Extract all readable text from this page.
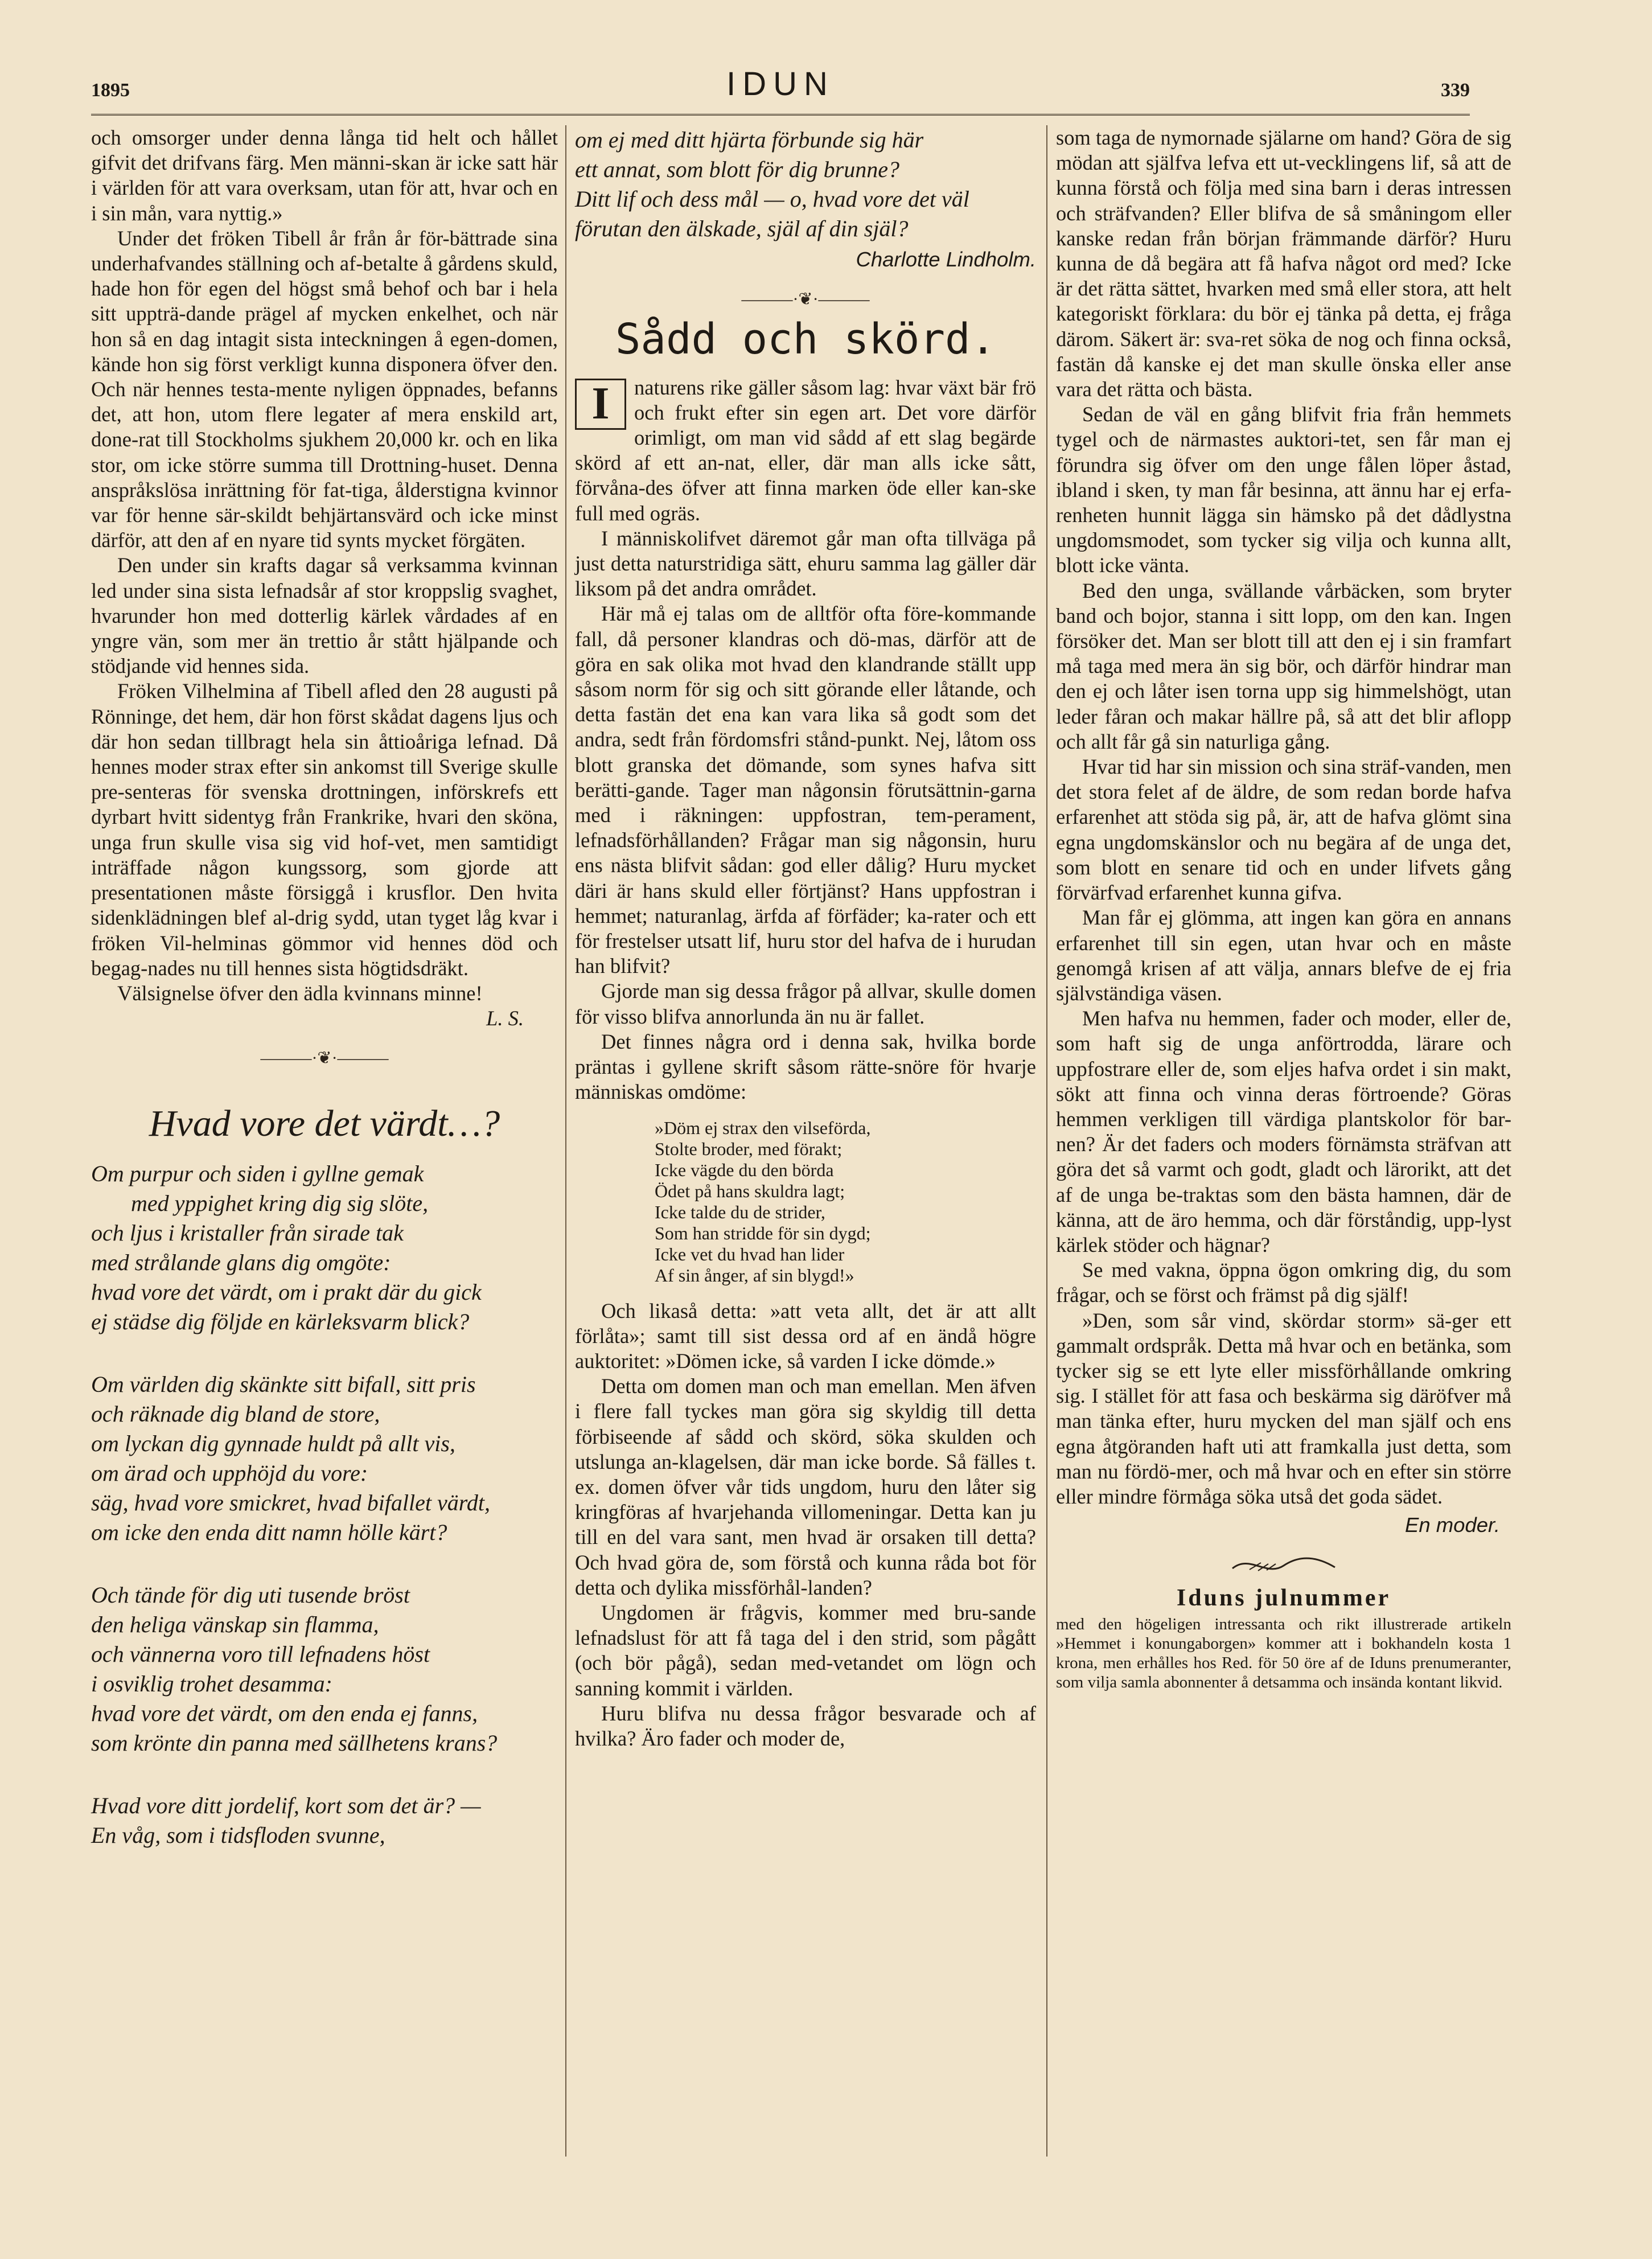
1895	IDUN	339

och omsorger under denna långa tid helt och hållet gifvit det drifvans färg. Men männi-skan är icke satt här i världen för att vara overksam, utan för att, hvar och en i sin mån, vara nyttig.»

Under det fröken Tibell år från år för-bättrade sina underhafvandes ställning och af-betalte å gårdens skuld, hade hon för egen del högst små behof och bar i hela sitt uppträ-dande prägel af mycken enkelhet, och när hon så en dag intagit sista inteckningen å egen-domen, kände hon sig först verkligt kunna disponera öfver den. Och när hennes testa-mente nyligen öppnades, befanns det, att hon, utom flere legater af mera enskild art, done-rat till Stockholms sjukhem 20,000 kr. och en lika stor, om icke större summa till Drottning-huset. Denna anspråkslösa inrättning för fat-tiga, ålderstigna kvinnor var för henne sär-skildt behjärtansvärd och icke minst därför, att den af en nyare tid synts mycket förgäten.

Den under sin krafts dagar så verksamma kvinnan led under sina sista lefnadsår af stor kroppslig svaghet, hvarunder hon med dotterlig kärlek vårdades af en yngre vän, som mer än trettio år stått hjälpande och stödjande vid hennes sida.

Fröken Vilhelmina af Tibell afled den 28 augusti på Rönninge, det hem, där hon först skådat dagens ljus och där hon sedan tillbragt hela sin åttioåriga lefnad. Då hennes moder strax efter sin ankomst till Sverige skulle pre-senteras för svenska drottningen, införskrefs ett dyrbart hvitt sidentyg från Frankrike, hvari den sköna, unga frun skulle visa sig vid hof-vet, men samtidigt inträffade någon kungssorg, som gjorde att presentationen måste försiggå i krusflor. Den hvita sidenklädningen blef al-drig sydd, utan tyget låg kvar i fröken Vil-helminas gömmor vid hennes död och begag-nades nu till hennes sista högtidsdräkt.

Välsignelse öfver den ädla kvinnans minne!

L. S.
———·❦·———
Hvad vore det värdt…?
Om purpur och siden i gyllne gemak
med yppighet kring dig sig slöte,
och ljus i kristaller från sirade tak
med strålande glans dig omgöte:
hvad vore det värdt, om i prakt där du gick
ej städse dig följde en kärleksvarm blick?
Om världen dig skänkte sitt bifall, sitt pris
och räknade dig bland de store,
om lyckan dig gynnade huldt på allt vis,
om ärad och upphöjd du vore:
säg, hvad vore smickret, hvad bifallet värdt,
om icke den enda ditt namn hölle kärt?
Och tände för dig uti tusende bröst
den heliga vänskap sin flamma,
och vännerna voro till lefnadens höst
i osviklig trohet desamma:
hvad vore det värdt, om den enda ej fanns,
som krönte din panna med sällhetens krans?
Hvad vore ditt jordelif, kort som det är? —
En våg, som i tidsfloden svunne,
om ej med ditt hjärta förbunde sig här
ett annat, som blott för dig brunne?
Ditt lif och dess mål — o, hvad vore det väl
förutan den älskade, själ af din själ?
Charlotte Lindholm.
———·❦·———
Sådd och skörd.

I	naturens rike gäller såsom lag: hvar växt bär frö och frukt efter sin egen art. Det vore därför orimligt, om man vid sådd af ett slag begärde skörd af ett an-nat, eller, där man alls icke sått, förvåna-des öfver att finna marken öde eller kan-ske full med ogräs.

I människolifvet däremot går man ofta tillväga på just detta naturstridiga sätt, ehuru samma lag gäller där liksom på det andra området.

Här må ej talas om de alltför ofta före-kommande fall, då personer klandras och dö-mas, därför att de göra en sak olika mot hvad den klandrande ställt upp såsom norm för sig och sitt görande eller låtande, och detta fastän det ena kan vara lika så godt som det andra, sedt från fördomsfri stånd-punkt. Nej, låtom oss blott granska det dömande, som synes hafva sitt berätti-gande. Tager man någonsin förutsättnin-garna med i räkningen: uppfostran, tem-perament, lefnadsförhållanden? Frågar man sig någonsin, huru ens nästa blifvit sådan: god eller dålig? Huru mycket däri är hans skuld eller förtjänst? Hans uppfostran i hemmet; naturanlag, ärfda af förfäder; ka-rater och ett för frestelser utsatt lif, huru stor del hafva de i hurudan han blifvit?

Gjorde man sig dessa frågor på allvar, skulle domen för visso blifva annorlunda än nu är fallet.

Det finnes några ord i denna sak, hvilka borde präntas i gyllene skrift såsom rätte-snöre för hvarje människas omdöme:

»Döm ej strax den vilseförda,
Stolte broder, med förakt;
Icke vägde du den börda
Ödet på hans skuldra lagt;
Icke talde du de strider,
Som han stridde för sin dygd;
Icke vet du hvad han lider
Af sin ånger, af sin blygd!»

Och likaså detta: »att veta allt, det är att allt förlåta»; samt till sist dessa ord af en ändå högre auktoritet: »Dömen icke, så varden I icke dömde.»

Detta om domen man och man emellan. Men äfven i flere fall tyckes man göra sig skyldig till detta förbiseende af sådd och skörd, söka skulden och utslunga an-klagelsen, där man icke borde. Så fälles t. ex. domen öfver vår tids ungdom, huru den låter sig kringföras af hvarjehanda villomeningar. Detta kan ju till en del vara sant, men hvad är orsaken till detta? Och hvad göra de, som förstå och kunna råda bot för detta och dylika missförhål-landen?

Ungdomen är frågvis, kommer med bru-sande lefnadslust för att få taga del i den strid, som pågått (och bör pågå), sedan med-vetandet om lögn och sanning kommit i världen.

Huru blifva nu dessa frågor besvarade och af hvilka? Äro fader och moder de,

som taga de nymornade själarne om hand? Göra de sig mödan att själfva lefva ett ut-vecklingens lif, så att de kunna förstå och följa med sina barn i deras intressen och sträfvanden? Eller blifva de så småningom eller kanske redan från början främmande därför? Huru kunna de då begära att få hafva något ord med? Icke är det rätta sättet, hvarken med små eller stora, att helt kategoriskt förklara: du bör ej tänka på detta, ej fråga därom. Säkert är: sva-ret söka de nog och finna också, fastän då kanske ej det man skulle önska eller anse vara det rätta och bästa.

Sedan de väl en gång blifvit fria från hemmets tygel och de närmastes auktori-tet, sen får man ej förundra sig öfver om den unge fålen löper åstad, ibland i sken, ty man får besinna, att ännu har ej erfa-renheten hunnit lägga sin hämsko på det dådlystna ungdomsmodet, som tycker sig vilja och kunna allt, blott icke vänta.

Bed den unga, svällande vårbäcken, som bryter band och bojor, stanna i sitt lopp, om den kan. Ingen försöker det. Man ser blott till att den ej i sin framfart må taga med mera än sig bör, och därför hindrar man den ej och låter isen torna upp sig himmelshögt, utan leder fåran och makar hällre på, så att det blir aflopp och allt får gå sin naturliga gång.

Hvar tid har sin mission och sina sträf-vanden, men det stora felet af de äldre, de som redan borde hafva erfarenhet att stöda sig på, är, att de hafva glömt sina egna ungdomskänslor och nu begära af de unga det, som blott en senare tid och en under lifvets gång förvärfvad erfarenhet kunna gifva.

Man får ej glömma, att ingen kan göra en annans erfarenhet till sin egen, utan hvar och en måste genomgå krisen af att välja, annars blefve de ej fria självständiga väsen.

Men hafva nu hemmen, fader och moder, eller de, som haft sig de unga anförtrodda, lärare och uppfostrare eller de, som eljes hafva ordet i sin makt, sökt att finna och vinna deras förtroende? Göras hemmen verkligen till värdiga plantskolor för bar-nen? Är det faders och moders förnämsta sträfvan att göra det så varmt och godt, gladt och lärorikt, att det af de unga be-traktas som den bästa hamnen, där de känna, att de äro hemma, och där förståndig, upp-lyst kärlek stöder och hägnar?

Se med vakna, öppna ögon omkring dig, du som frågar, och se först och främst på dig själf!

»Den, som sår vind, skördar storm» sä-ger ett gammalt ordspråk. Detta må hvar och en betänka, som tycker sig se ett lyte eller missförhållande omkring sig. I stället för att fasa och beskärma sig däröfver må man tänka efter, huru mycken del man själf och ens egna åtgöranden haft uti att framkalla just detta, som man nu fördö-mer, och må hvar och en efter sin större eller mindre förmåga söka utså det goda sädet.

En moder.
Iduns julnummer
med den högeligen intressanta och rikt illustrerade artikeln »Hemmet i konungaborgen» kommer att i bokhandeln kosta 1 krona, men erhålles hos Red. för 50 öre af de Iduns prenumeranter, som vilja samla abonnenter å detsamma och insända kontant likvid.
